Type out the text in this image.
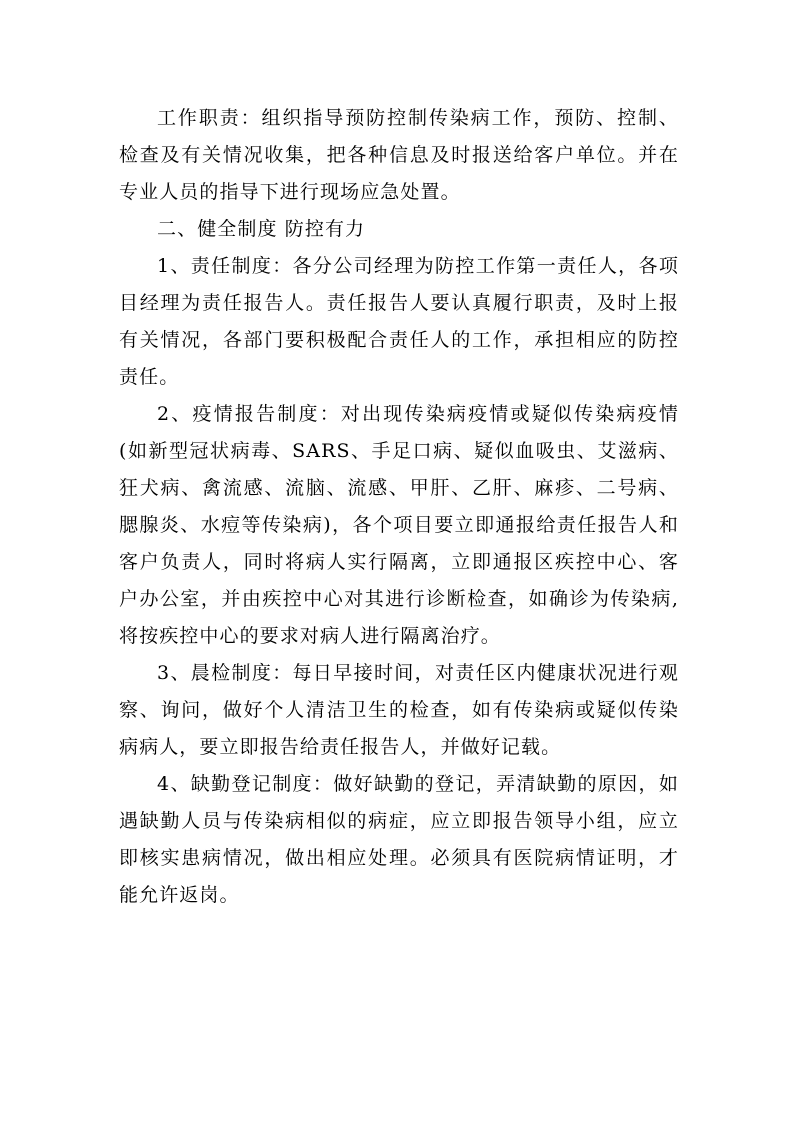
工作职责：组织指导预防控制传染病工作，预防、控制、检查及有关情况收集，把各种信息及时报送给客户单位。并在专业人员的指导下进行现场应急处置。

二、健全制度 防控有力

1、责任制度：各分公司经理为防控工作第一责任人，各项目经理为责任报告人。责任报告人要认真履行职责，及时上报有关情况，各部门要积极配合责任人的工作，承担相应的防控责任。

2、疫情报告制度：对出现传染病疫情或疑似传染病疫情(如新型冠状病毒、SARS、手足口病、疑似血吸虫、艾滋病、狂犬病、禽流感、流脑、流感、甲肝、乙肝、麻疹、二号病、腮腺炎、水痘等传染病)，各个项目要立即通报给责任报告人和客户负责人，同时将病人实行隔离，立即通报区疾控中心、客户办公室，并由疾控中心对其进行诊断检查，如确诊为传染病,将按疾控中心的要求对病人进行隔离治疗。

3、晨检制度：每日早接时间，对责任区内健康状况进行观察、询问，做好个人清洁卫生的检查，如有传染病或疑似传染病病人，要立即报告给责任报告人，并做好记载。

4、缺勤登记制度：做好缺勤的登记，弄清缺勤的原因，如遇缺勤人员与传染病相似的病症，应立即报告领导小组，应立即核实患病情况，做出相应处理。必须具有医院病情证明，才能允许返岗。
